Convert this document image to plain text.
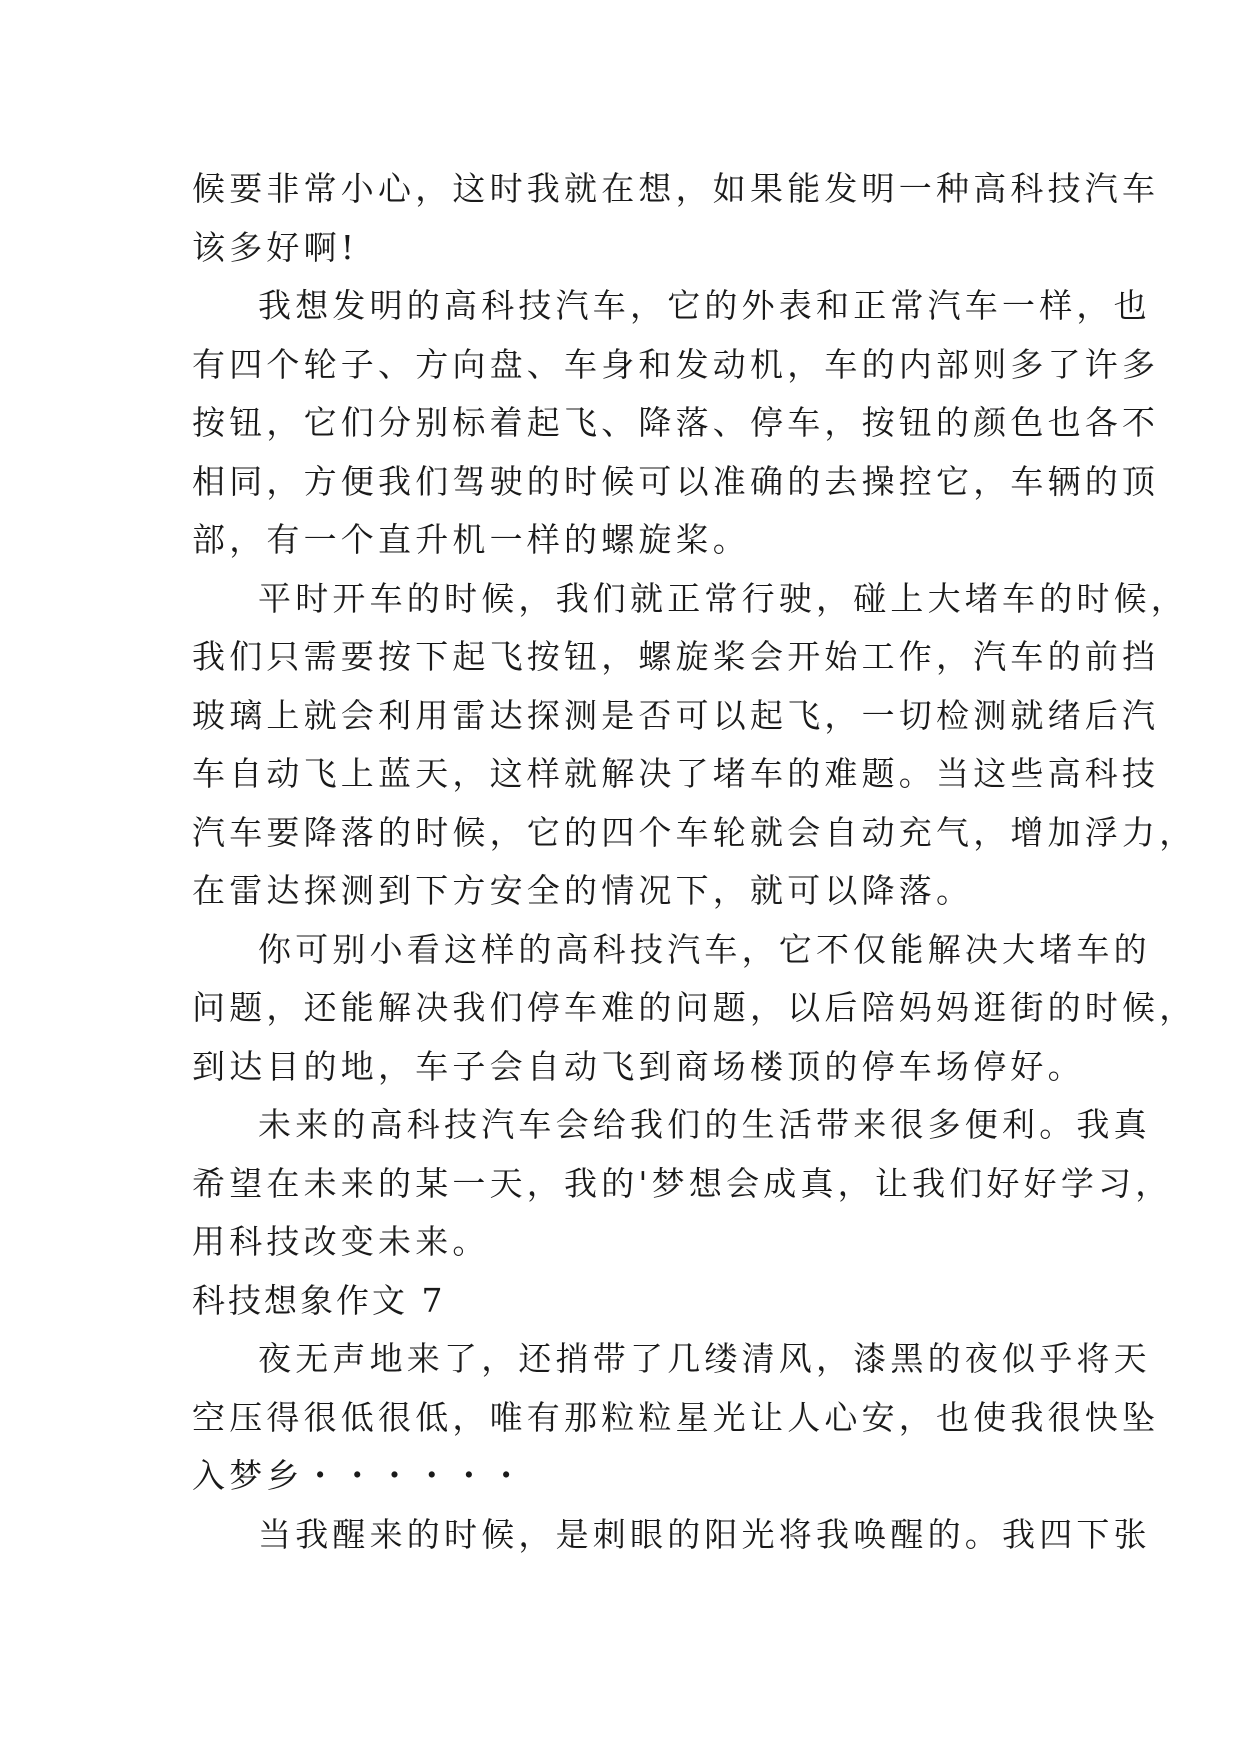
候要非常小心，这时我就在想，如果能发明一种高科技汽车
该多好啊!
我想发明的高科技汽车，它的外表和正常汽车一样，也
有四个轮子、方向盘、车身和发动机，车的内部则多了许多
按钮，它们分别标着起飞、降落、停车，按钮的颜色也各不
相同，方便我们驾驶的时候可以准确的去操控它，车辆的顶
部，有一个直升机一样的螺旋桨。
平时开车的时候，我们就正常行驶，碰上大堵车的时候，
我们只需要按下起飞按钮，螺旋桨会开始工作，汽车的前挡
玻璃上就会利用雷达探测是否可以起飞，一切检测就绪后汽
车自动飞上蓝天，这样就解决了堵车的难题。当这些高科技
汽车要降落的时候，它的四个车轮就会自动充气，增加浮力，
在雷达探测到下方安全的情况下，就可以降落。
你可别小看这样的高科技汽车，它不仅能解决大堵车的
问题，还能解决我们停车难的问题，以后陪妈妈逛街的时候，
到达目的地，车子会自动飞到商场楼顶的停车场停好。
未来的高科技汽车会给我们的生活带来很多便利。我真
希望在未来的某一天，我的'梦想会成真，让我们好好学习，
用科技改变未来。
科技想象作文 7
夜无声地来了，还捎带了几缕清风，漆黑的夜似乎将天
空压得很低很低，唯有那粒粒星光让人心安，也使我很快坠
入梦乡・・・・・・
当我醒来的时候，是刺眼的阳光将我唤醒的。我四下张
